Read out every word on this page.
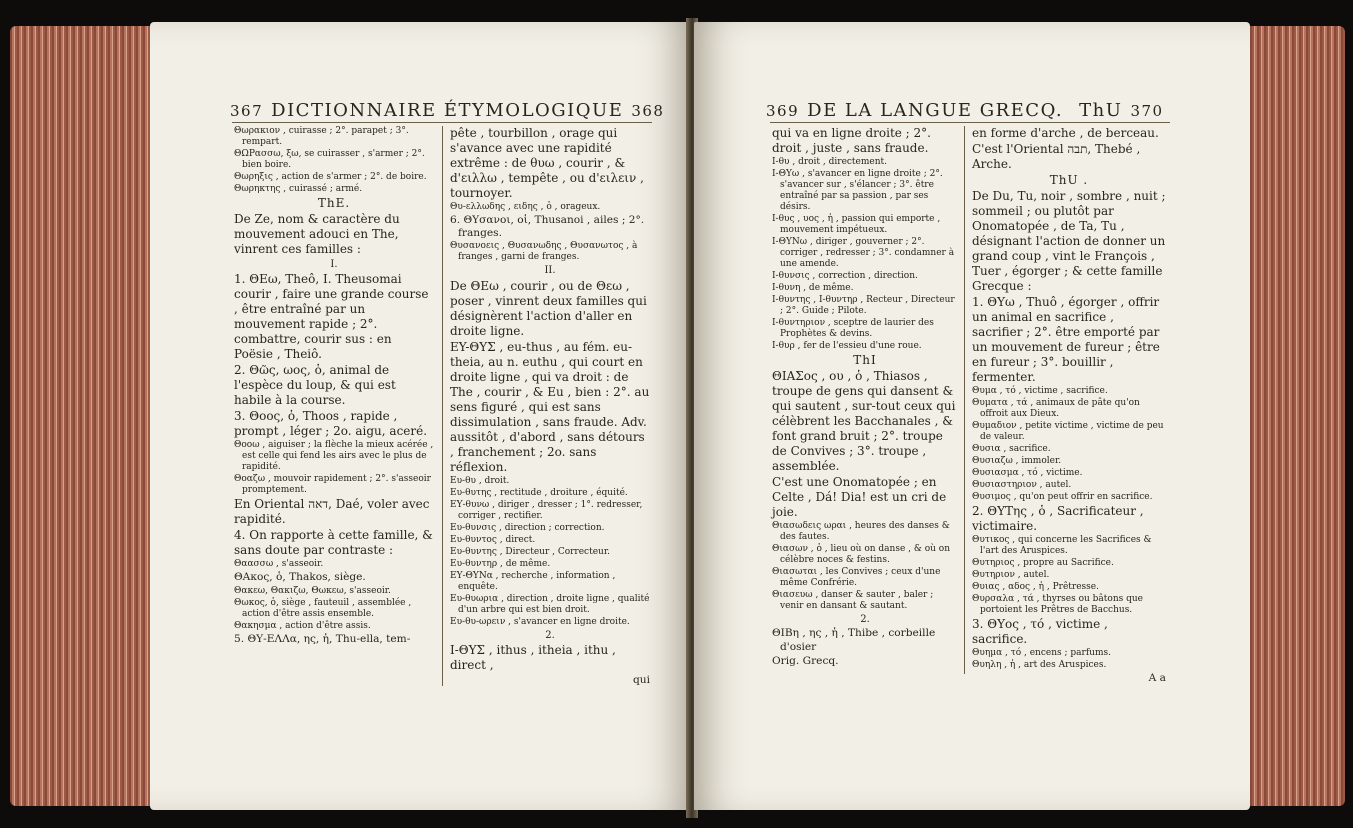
367 DICTIONNAIRE ÉTYMOLOGIQUE 368

Θωρακιον , cuirasse ; 2°. parapet ; 3°. rempart.

ΘΩΡασσω, ξω, se cuirasser , s'armer ; 2°. bien boire.

Θωρηξις , action de s'armer ; 2°. de boire.

Θωρηκτης , cuirassé ; armé.

ThE.

De Ze, nom & caractère du mouvement adouci en The, vinrent ces familles :

I.

1. ΘΕω, Theô, I. Theusomai courir , faire une grande course , être entraîné par un mouvement rapide ; 2°. combattre, courir sus : en Poësie , Theiô.

2. Θῶς, ωος, ὁ, animal de l'espèce du loup, & qui est habile à la course.

3. Θοος, ὁ, Thoos , rapide , prompt , léger ; 2o. aigu, aceré.

Θοοω , aiguiser ; la flèche la mieux acérée , est celle qui fend les airs avec le plus de rapidité.

Θοαζω , mouvoir rapidement ; 2°. s'asseoir promptement.

En Oriental דאה, Daé, voler avec rapidité.

4. On rapporte à cette famille, & sans doute par contraste :

Θαασσω , s'asseoir.

ΘΑκος, ὁ, Thakos, siège.

Θακεω, Θακιζω, Θωκεω, s'asseoir.

Θωκος, ὁ, siège , fauteuil , assemblée , action d'être assis ensemble.

Θακησμα , action d'être assis.

5. ΘΥ-ΕΛΛα, ης, ἡ, Thu-ella, tem-

pête , tourbillon , orage qui s'avance avec une rapidité extrême : de θυω , courir , & d'ειλλω , tempête , ou d'ειλειν , tournoyer.

Θυ-ελλωδης , ειδης , ὁ , orageux.

6. ΘΥσανοι, οἱ, Thusanoi , ailes ; 2°. franges.

Θυσανοεις , Θυσανωδης , Θυσανωτος , à franges , garni de franges.

II.

De ΘΕω , courir , ou de Θεω , poser , vinrent deux familles qui désignèrent l'action d'aller en droite ligne.

EY-ΘΥΣ , eu-thus , au fém. eu-theia, au n. euthu , qui court en droite ligne , qui va droit : de The , courir , & Eu , bien : 2°. au sens figuré , qui est sans dissimulation , sans fraude. Adv. aussitôt , d'abord , sans détours , franchement ; 2o. sans réflexion.

Ευ-θυ , droit.

Ευ-θυτης , rectitude , droiture , équité.

ΕΥ-θυνω , diriger , dresser ; 1°. redresser, corriger , rectifier.

Ευ-θυνσις , direction ; correction.

Ευ-θυντος , direct.

Ευ-θυντης , Directeur , Correcteur.

Ευ-θυντηρ , de même.

ΕΥ-ΘΥΝα , recherche , information , enquête.

Ευ-θυωρια , direction , droite ligne , qualité d'un arbre qui est bien droit.

Ευ-θυ-ωρειν , s'avancer en ligne droite.

2.

I-ΘΥΣ , ithus , itheia , ithu , direct ,

qui

369 DE LA LANGUE GRECQ. ThU 370

qui va en ligne droite ; 2°. droit , juste , sans fraude.

I-θυ , droit , directement.

I-ΘΥω , s'avancer en ligne droite ; 2°. s'avancer sur , s'élancer ; 3°. être entraîné par sa passion , par ses désirs.

I-θυς , υος , ἡ , passion qui emporte , mouvement impétueux.

I-ΘΥΝω , diriger , gouverner ; 2°. corriger , redresser ; 3°. condamner à une amende.

I-θυνσις , correction , direction.

I-θυνη , de même.

I-θυντης , I-θυντηρ , Recteur , Directeur ; 2°. Guide ; Pilote.

I-θυντηριον , sceptre de laurier des Prophètes & devins.

I-θυρ , fer de l'essieu d'une roue.

ThI

ΘΙΑΣος , ου , ὁ , Thiasos , troupe de gens qui dansent & qui sautent , sur-tout ceux qui célèbrent les Bacchanales , & font grand bruit ; 2°. troupe de Convives ; 3°. troupe , assemblée.

C'est une Onomatopée ; en Celte , Dá! Dia! est un cri de joie.

Θιασωδεις ωραι , heures des danses & des fautes.

Θιασων , ὁ , lieu où on danse , & où on célèbre noces & festins.

Θιασωται , les Convives ; ceux d'une même Confrérie.

Θιασευω , danser & sauter , baler ; venir en dansant & sautant.

2.

ΘΙΒη , ης , ἡ , Thibe , corbeille d'osier

Orig. Grecq.

en forme d'arche , de berceau.

C'est l'Oriental תבה, Thebé , Arche.

ThU .

De Du, Tu, noir , sombre , nuit ; sommeil ; ou plutôt par Onomatopée , de Ta, Tu , désignant l'action de donner un grand coup , vint le François , Tuer , égorger ; & cette famille Grecque :

1. ΘΥω , Thuô , égorger , offrir un animal en sacrifice , sacrifier ; 2°. être emporté par un mouvement de fureur ; être en fureur ; 3°. bouillir , fermenter.

Θυμα , τό , victime , sacrifice.

Θυματα , τά , animaux de pâte qu'on offroit aux Dieux.

Θυμαδιον , petite victime , victime de peu de valeur.

Θυσια , sacrifice.

Θυσιαζω , immoler.

Θυσιασμα , τό , victime.

Θυσιαστηριον , autel.

Θυσιμος , qu'on peut offrir en sacrifice.

2. ΘΥΤης , ὁ , Sacrificateur , victimaire.

Θυτικος , qui concerne les Sacrifices & l'art des Aruspices.

Θυτηριος , propre au Sacrifice.

Θυτηριον , autel.

Θυιας , αδος , ἡ , Prêtresse.

Θυρσαλα , τά , thyrses ou bâtons que portoient les Prêtres de Bacchus.

3. ΘΥος , τό , victime , sacrifice.

Θυημα , τό , encens ; parfums.

Θυηλη , ἡ , art des Aruspices.

A a
